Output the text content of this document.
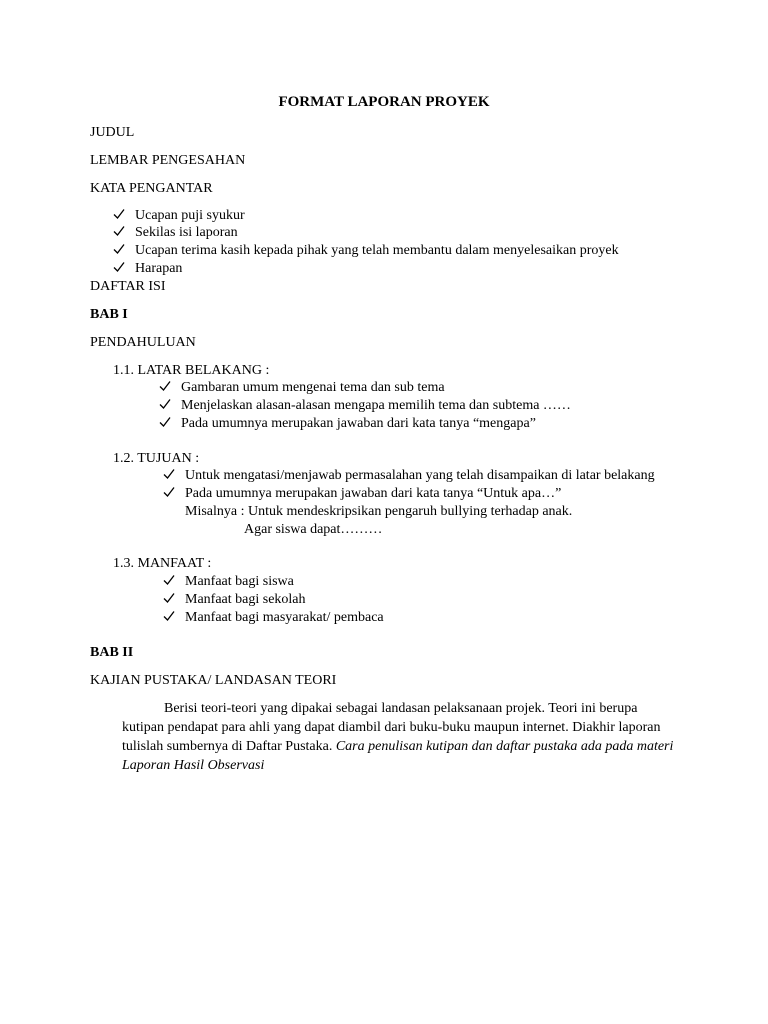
FORMAT LAPORAN PROYEK
JUDUL
LEMBAR PENGESAHAN
KATA PENGANTAR
Ucapan puji syukur
Sekilas isi laporan
Ucapan terima kasih kepada pihak yang telah membantu dalam menyelesaikan proyek
Harapan
DAFTAR ISI
BAB I
PENDAHULUAN
1.1. LATAR BELAKANG :
Gambaran umum mengenai tema dan sub tema
Menjelaskan alasan-alasan mengapa memilih tema dan subtema ……
Pada umumnya merupakan jawaban dari kata tanya “mengapa”
1.2. TUJUAN :
Untuk mengatasi/menjawab permasalahan yang telah disampaikan di latar belakang
Pada umumnya merupakan jawaban dari kata tanya “Untuk apa…”
Misalnya : Untuk mendeskripsikan pengaruh bullying terhadap anak.
Agar siswa dapat………
1.3. MANFAAT :
Manfaat bagi siswa
Manfaat bagi sekolah
Manfaat bagi masyarakat/ pembaca
BAB II
KAJIAN PUSTAKA/ LANDASAN TEORI
Berisi teori-teori yang dipakai sebagai landasan pelaksanaan projek. Teori ini berupa kutipan pendapat para ahli yang dapat diambil dari buku-buku maupun internet. Diakhir laporan tulislah sumbernya di Daftar Pustaka. Cara penulisan kutipan dan daftar pustaka ada pada materi Laporan Hasil Observasi
